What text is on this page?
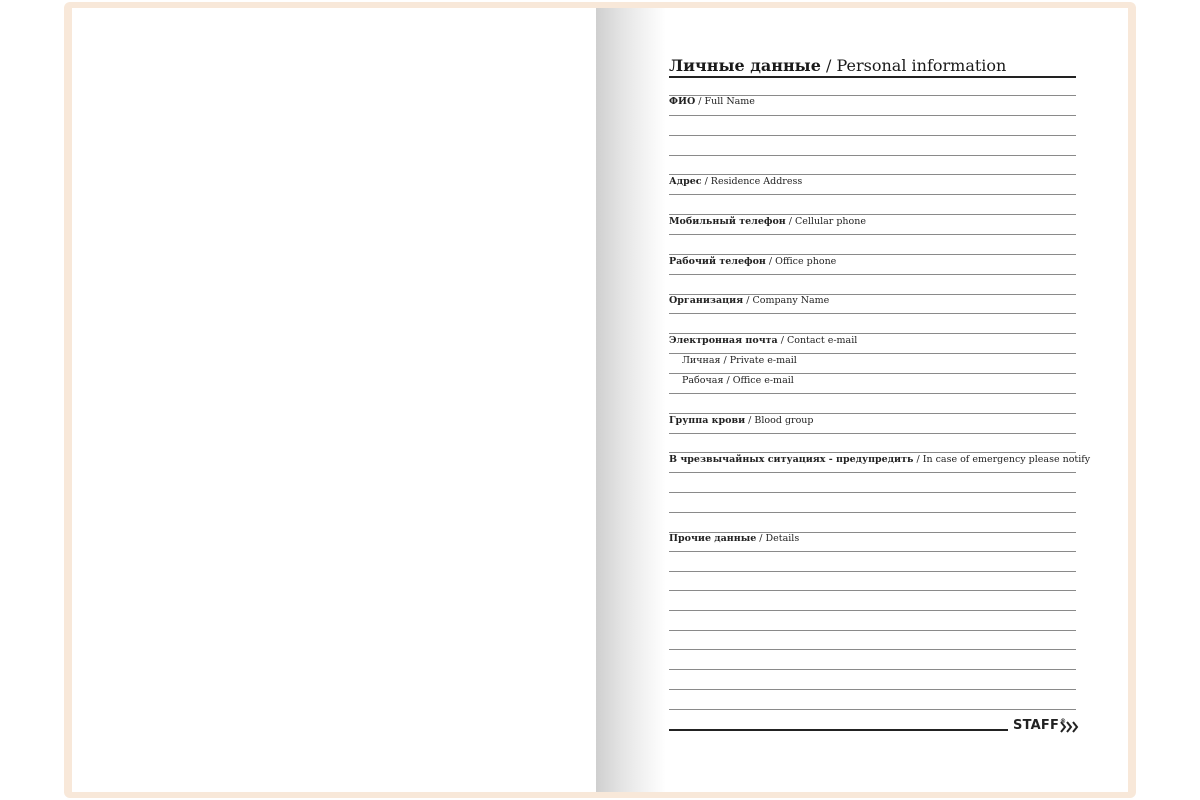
Личные данные / Personal information
ФИО / Full Name
Адрес / Residence Address
Мобильный телефон / Cellular phone
Рабочий телефон / Office phone
Организация / Company Name
Электронная почта / Contact e-mail
Личная / Private e-mail
Рабочая / Office e-mail
Группа крови / Blood group
В чрезвычайных ситуациях - предупредить / In case of emergency please notify
Прочие данные / Details
STAFF®
